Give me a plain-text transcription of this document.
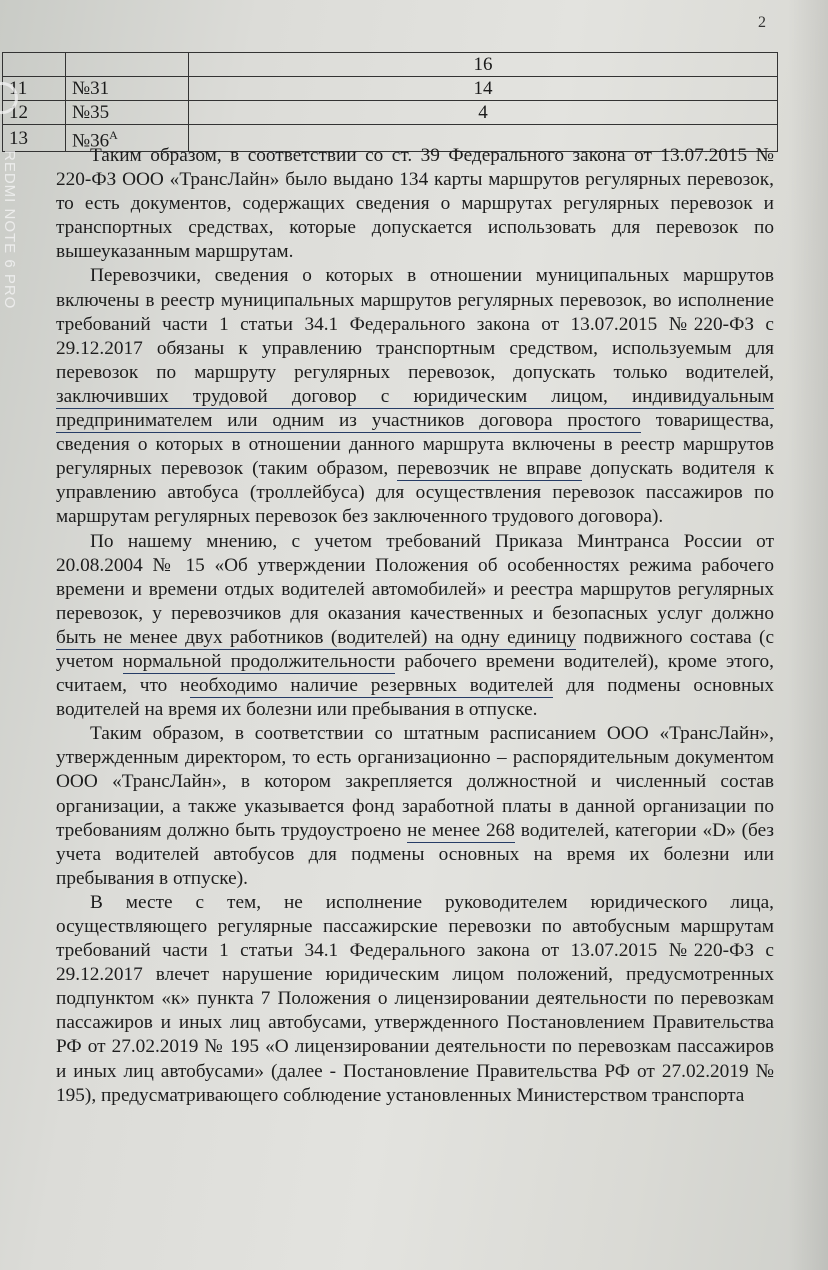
2
		16
11	№31	14
12	№35	4
13	$№36^А$	

Таким образом, в соответствии со ст. 39 Федерального закона от 13.07.2015 № 220-ФЗ ООО «ТрансЛайн» было выдано 134 карты маршрутов регулярных перевозок, то есть документов, содержащих сведения о маршрутах регулярных перевозок и транспортных средствах, которые допускается использовать для перевозок по вышеуказанным маршрутам.

Перевозчики, сведения о которых в отношении муниципальных маршрутов включены в реестр муниципальных маршрутов регулярных перевозок, во исполнение требований части 1 статьи 34.1 Федерального закона от 13.07.2015 №220-ФЗ с 29.12.2017 обязаны к управлению транспортным средством, используемым для перевозок по маршруту регулярных перевозок, допускать только водителей, заключивших трудовой договор с юридическим лицом, индивидуальным предпринимателем или одним из участников договора простого товарищества, сведения о которых в отношении данного маршрута включены в реестр маршрутов регулярных перевозок (таким образом, перевозчик не вправе допускать водителя к управлению автобуса (троллейбуса) для осуществления перевозок пассажиров по маршрутам регулярных перевозок без заключенного трудового договора).

По нашему мнению, с учетом требований Приказа Минтранса России от 20.08.2004 № 15 «Об утверждении Положения об особенностях режима рабочего времени и времени отдых водителей автомобилей» и реестра маршрутов регулярных перевозок, у перевозчиков для оказания качественных и безопасных услуг должно быть не менее двух работников (водителей) на одну единицу подвижного состава (с учетом нормальной продолжительности рабочего времени водителей), кроме этого, считаем, что необходимо наличие резервных водителей для подмены основных водителей на время их болезни или пребывания в отпуске.

Таким образом, в соответствии со штатным расписанием ООО «ТрансЛайн», утвержденным директором, то есть организационно – распорядительным документом ООО «ТрансЛайн», в котором закрепляется должностной и численный состав организации, а также указывается фонд заработной платы в данной организации по требованиям должно быть трудоустроено не менее 268 водителей, категории «D» (без учета водителей автобусов для подмены основных на время их болезни или пребывания в отпуске).

В месте с тем, не исполнение руководителем юридического лица, осуществляющего регулярные пассажирские перевозки по автобусным маршрутам требований части 1 статьи 34.1 Федерального закона от 13.07.2015 №220-ФЗ с 29.12.2017 влечет нарушение юридическим лицом положений, предусмотренных подпунктом «к» пункта 7 Положения о лицензировании деятельности по перевозкам пассажиров и иных лиц автобусами, утвержденного Постановлением Правительства РФ от 27.02.2019 № 195 «О лицензировании деятельности по перевозкам пассажиров и иных лиц автобусами» (далее - Постановление Правительства РФ от 27.02.2019 № 195), предусматривающего соблюдение установленных Министерством транспорта

REDMI NOTE 6 PRO
